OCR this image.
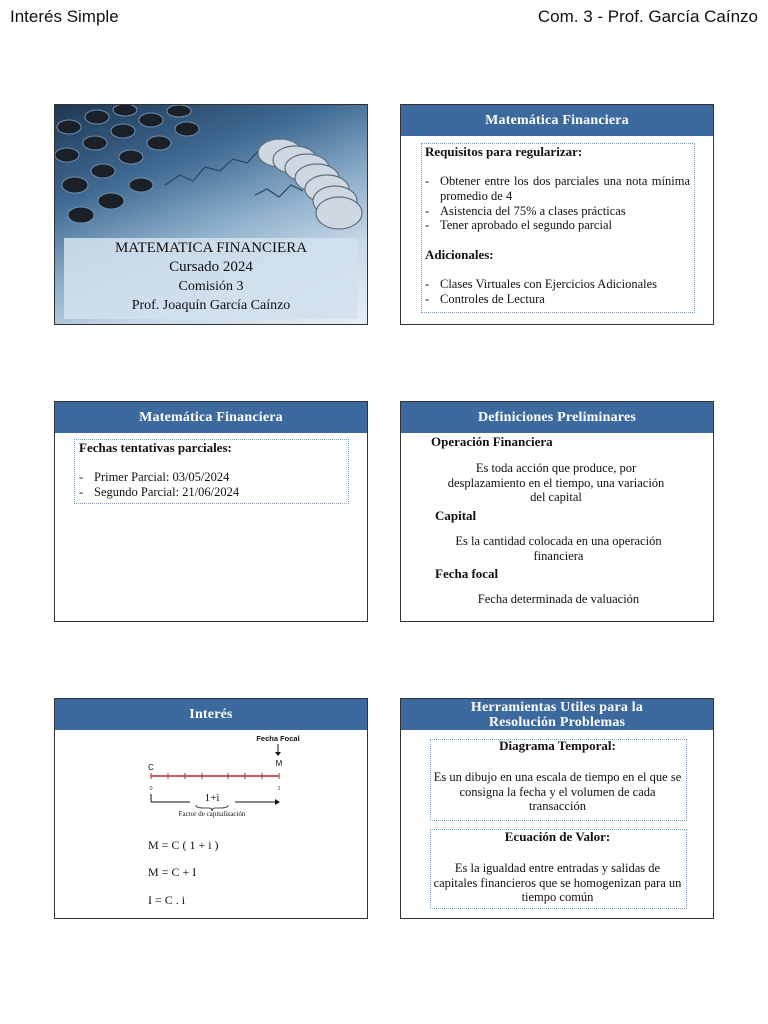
Interés Simple	Com. 3 - Prof. García Caínzo
MATEMATICA FINANCIERA
Cursado 2024
Comisión 3
Prof. Joaquín García Caínzo
Matemática Financiera
Requisitos para regularizar:
- Obtener entre los dos parciales una nota mínima promedio de 4
- Asistencia del 75% a clases prácticas
- Tener aprobado el segundo parcial
Adicionales:
- Clases Virtuales con Ejercicios Adicionales
- Controles de Lectura
Matemática Financiera
Fechas tentativas parciales:
- Primer Parcial: 03/05/2024
- Segundo Parcial: 21/06/2024
Definiciones Preliminares
Operación Financiera
Es toda acción que produce, por desplazamiento en el tiempo, una variación del capital
Capital
Es la cantidad colocada en una operación financiera
Fecha focal
Fecha determinada de valuación
Interés
Fecha Focal
C	M
0	1
1+i
Factor de capitalización
M = C ( 1 + i )
M = C + I
I = C . i
Herramientas Utiles para la
Resolución Problemas
Diagrama Temporal:
Es un dibujo en una escala de tiempo en el que se consigna la fecha y el volumen de cada transacción
Ecuación de Valor:
Es la igualdad entre entradas y salidas de capitales financieros que se homogenizan para un tiempo común
